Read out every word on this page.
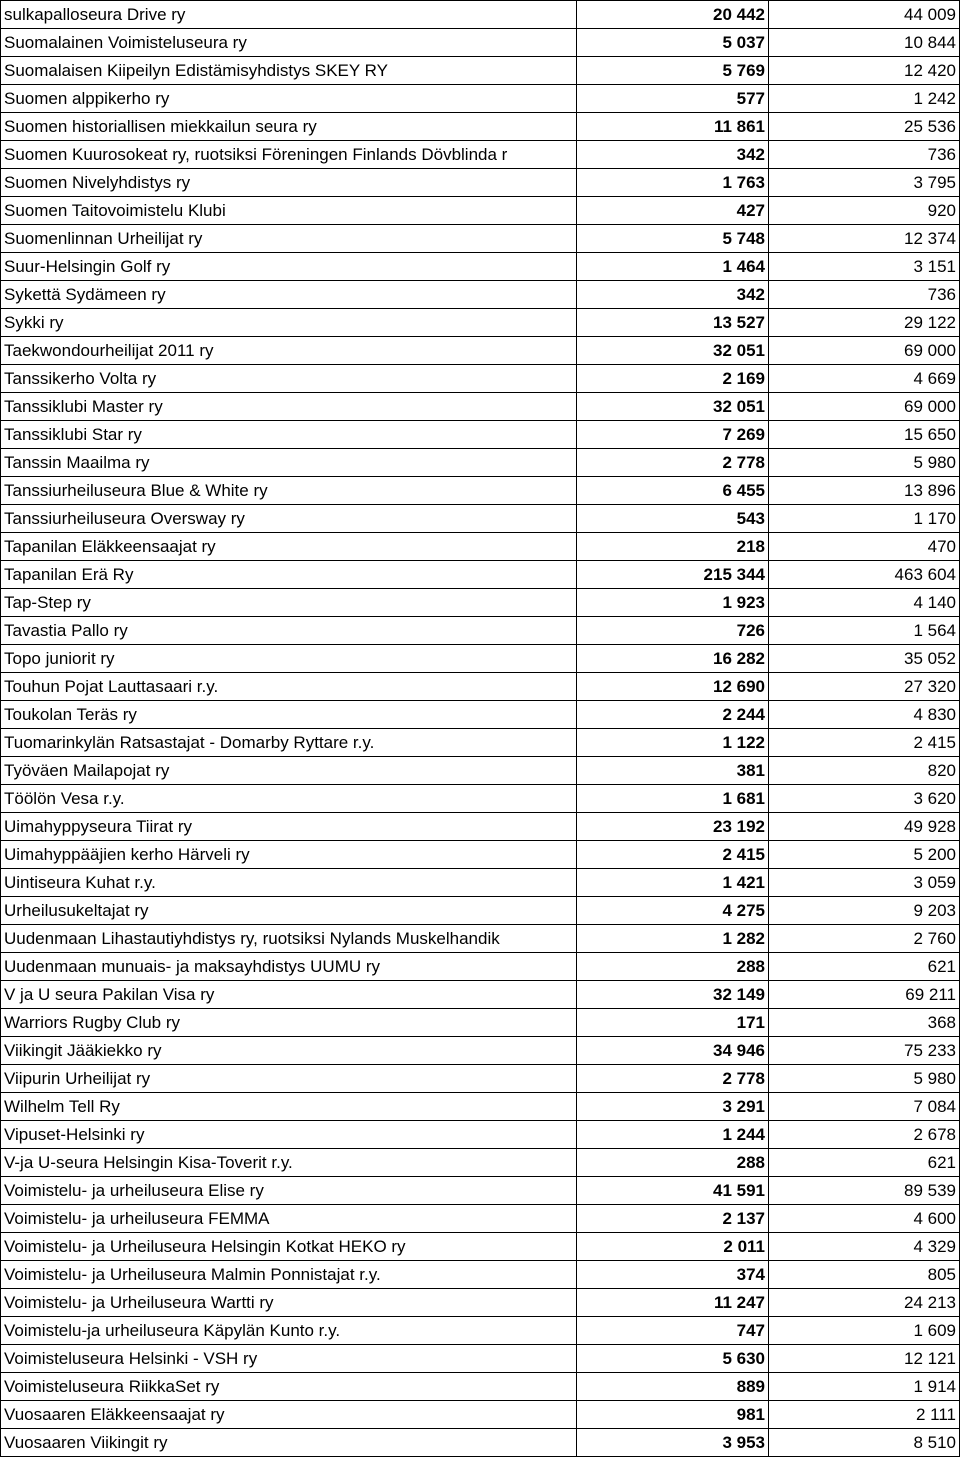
sulkapalloseura Drive ry	20 442	44 009
Suomalainen Voimisteluseura ry	5 037	10 844
Suomalaisen Kiipeilyn Edistämisyhdistys SKEY RY	5 769	12 420
Suomen alppikerho ry	577	1 242
Suomen historiallisen miekkailun seura ry	11 861	25 536
Suomen Kuurosokeat ry, ruotsiksi Föreningen Finlands Dövblinda r	342	736
Suomen Nivelyhdistys ry	1 763	3 795
Suomen Taitovoimistelu Klubi	427	920
Suomenlinnan Urheilijat ry	5 748	12 374
Suur-Helsingin Golf ry	1 464	3 151
Sykettä Sydämeen ry	342	736
Sykki ry	13 527	29 122
Taekwondourheilijat 2011 ry	32 051	69 000
Tanssikerho Volta ry	2 169	4 669
Tanssiklubi Master ry	32 051	69 000
Tanssiklubi Star ry	7 269	15 650
Tanssin Maailma ry	2 778	5 980
Tanssiurheiluseura Blue & White ry	6 455	13 896
Tanssiurheiluseura Oversway ry	543	1 170
Tapanilan Eläkkeensaajat ry	218	470
Tapanilan Erä Ry	215 344	463 604
Tap-Step ry	1 923	4 140
Tavastia Pallo ry	726	1 564
Topo juniorit ry	16 282	35 052
Touhun Pojat Lauttasaari r.y.	12 690	27 320
Toukolan Teräs ry	2 244	4 830
Tuomarinkylän Ratsastajat - Domarby Ryttare r.y.	1 122	2 415
Työväen Mailapojat ry	381	820
Töölön Vesa r.y.	1 681	3 620
Uimahyppyseura Tiirat ry	23 192	49 928
Uimahyppääjien kerho Härveli ry	2 415	5 200
Uintiseura Kuhat r.y.	1 421	3 059
Urheilusukeltajat ry	4 275	9 203
Uudenmaan Lihastautiyhdistys ry, ruotsiksi Nylands Muskelhandik	1 282	2 760
Uudenmaan munuais- ja maksayhdistys UUMU ry	288	621
V ja U seura Pakilan Visa ry	32 149	69 211
Warriors Rugby Club ry	171	368
Viikingit Jääkiekko ry	34 946	75 233
Viipurin Urheilijat ry	2 778	5 980
Wilhelm Tell Ry	3 291	7 084
Vipuset-Helsinki ry	1 244	2 678
V-ja U-seura Helsingin Kisa-Toverit r.y.	288	621
Voimistelu- ja urheiluseura Elise ry	41 591	89 539
Voimistelu- ja urheiluseura FEMMA	2 137	4 600
Voimistelu- ja Urheiluseura Helsingin Kotkat HEKO ry	2 011	4 329
Voimistelu- ja Urheiluseura Malmin Ponnistajat r.y.	374	805
Voimistelu- ja Urheiluseura Wartti ry	11 247	24 213
Voimistelu-ja urheiluseura Käpylän Kunto r.y.	747	1 609
Voimisteluseura Helsinki - VSH ry	5 630	12 121
Voimisteluseura RiikkaSet ry	889	1 914
Vuosaaren Eläkkeensaajat ry	981	2 111
Vuosaaren Viikingit ry	3 953	8 510
